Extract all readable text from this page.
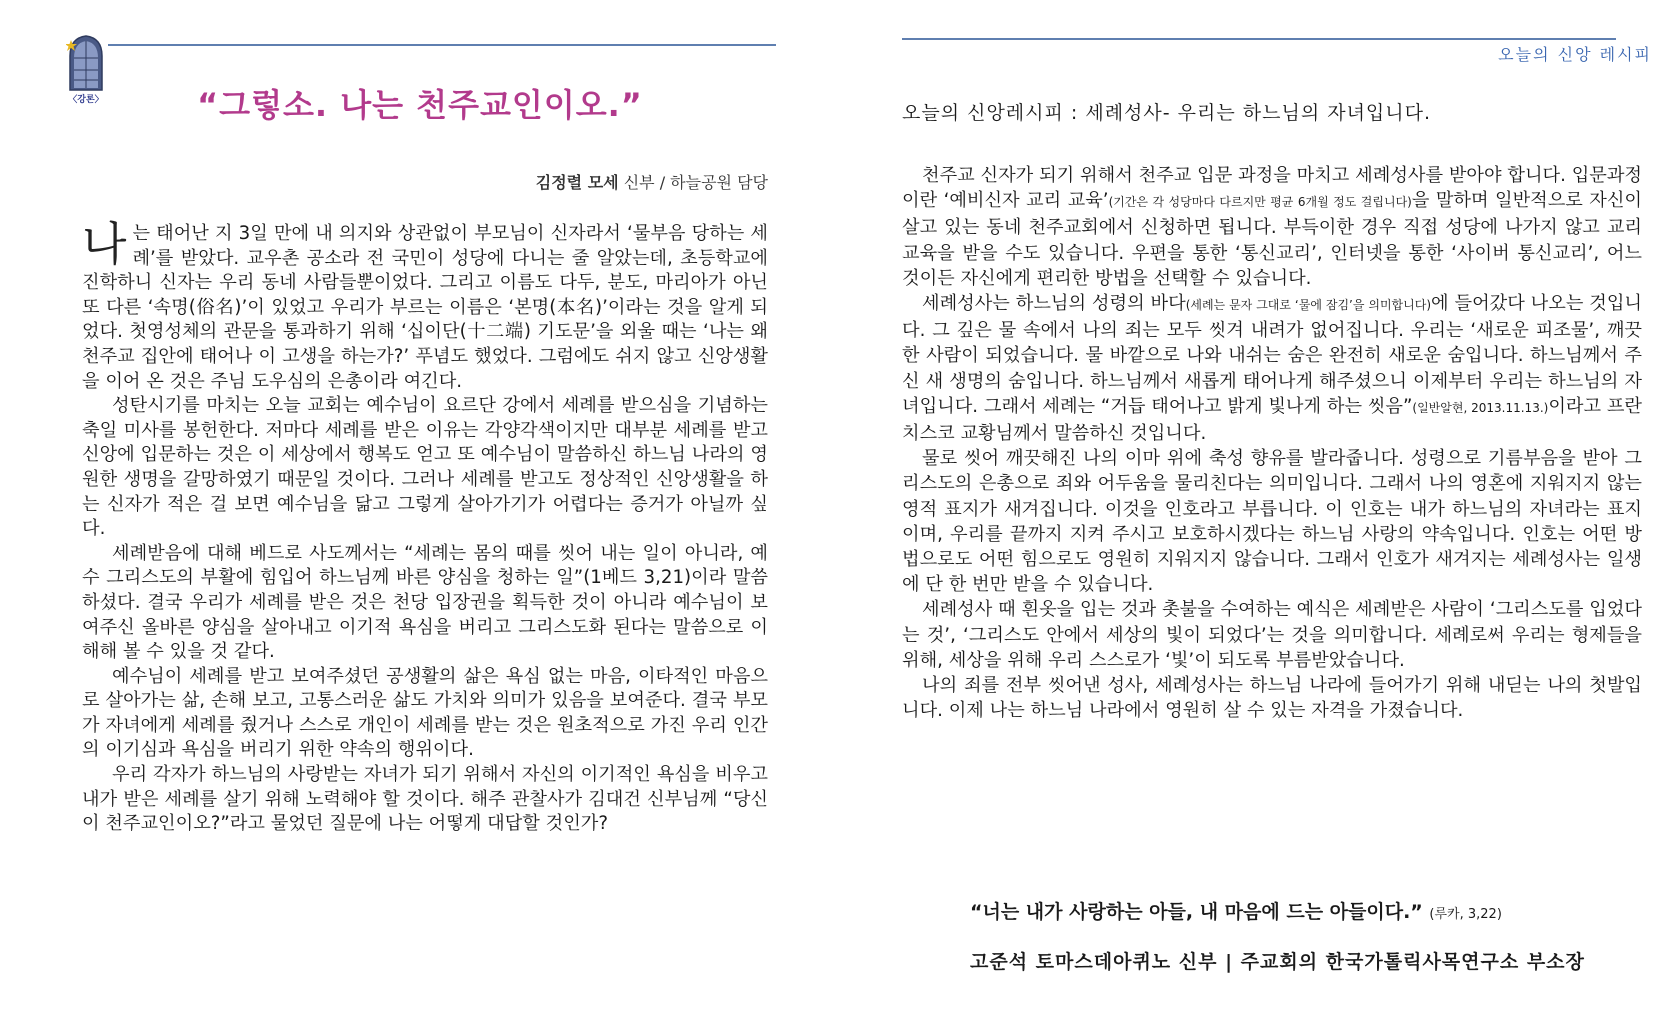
〈강론〉	“그렇소. 나는 천주교인이오.”
김정렬 모세 신부 / 하늘공원 담당

나는 태어난 지 3일 만에 내 의지와 상관없이 부모님이 신자라서 ‘물부음 당하는 세례’를 받았다. 교우촌 공소라 전 국민이 성당에 다니는 줄 알았는데, 초등학교에 진학하니 신자는 우리 동네 사람들뿐이었다. 그리고 이름도 다두, 분도, 마리아가 아닌 또 다른 ‘속명(俗名)’이 있었고 우리가 부르는 이름은 ‘본명(本名)’이라는 것을 알게 되었다. 첫영성체의 관문을 통과하기 위해 ‘십이단(十二端) 기도문’을 외울 때는 ‘나는 왜 천주교 집안에 태어나 이 고생을 하는가?’ 푸념도 했었다. 그럼에도 쉬지 않고 신앙생활을 이어 온 것은 주님 도우심의 은총이라 여긴다.

성탄시기를 마치는 오늘 교회는 예수님이 요르단 강에서 세례를 받으심을 기념하는 축일 미사를 봉헌한다. 저마다 세례를 받은 이유는 각양각색이지만 대부분 세례를 받고 신앙에 입문하는 것은 이 세상에서 행복도 얻고 또 예수님이 말씀하신 하느님 나라의 영원한 생명을 갈망하였기 때문일 것이다. 그러나 세례를 받고도 정상적인 신앙생활을 하는 신자가 적은 걸 보면 예수님을 닮고 그렇게 살아가기가 어렵다는 증거가 아닐까 싶다.

세례받음에 대해 베드로 사도께서는 “세례는 몸의 때를 씻어 내는 일이 아니라, 예수 그리스도의 부활에 힘입어 하느님께 바른 양심을 청하는 일”(1베드 3,21)이라 말씀하셨다. 결국 우리가 세례를 받은 것은 천당 입장권을 획득한 것이 아니라 예수님이 보여주신 올바른 양심을 살아내고 이기적 욕심을 버리고 그리스도화 된다는 말씀으로 이해해 볼 수 있을 것 같다.

예수님이 세례를 받고 보여주셨던 공생활의 삶은 욕심 없는 마음, 이타적인 마음으로 살아가는 삶, 손해 보고, 고통스러운 삶도 가치와 의미가 있음을 보여준다. 결국 부모가 자녀에게 세례를 줬거나 스스로 개인이 세례를 받는 것은 원초적으로 가진 우리 인간의 이기심과 욕심을 버리기 위한 약속의 행위이다.

우리 각자가 하느님의 사랑받는 자녀가 되기 위해서 자신의 이기적인 욕심을 비우고 내가 받은 세례를 살기 위해 노력해야 할 것이다. 해주 관찰사가 김대건 신부님께 “당신이 천주교인이오?”라고 물었던 질문에 나는 어떻게 대답할 것인가?

오늘의 신앙 레시피
오늘의 신앙레시피 : 세례성사- 우리는 하느님의 자녀입니다.

천주교 신자가 되기 위해서 천주교 입문 과정을 마치고 세례성사를 받아야 합니다. 입문과정이란 ‘예비신자 교리 교육’(기간은 각 성당마다 다르지만 평균 6개월 정도 걸립니다)을 말하며 일반적으로 자신이 살고 있는 동네 천주교회에서 신청하면 됩니다. 부득이한 경우 직접 성당에 나가지 않고 교리교육을 받을 수도 있습니다. 우편을 통한 ‘통신교리’, 인터넷을 통한 ‘사이버 통신교리’, 어느 것이든 자신에게 편리한 방법을 선택할 수 있습니다.

세례성사는 하느님의 성령의 바다(세례는 문자 그대로 ‘물에 잠김’을 의미합니다)에 들어갔다 나오는 것입니다. 그 깊은 물 속에서 나의 죄는 모두 씻겨 내려가 없어집니다. 우리는 ‘새로운 피조물’, 깨끗한 사람이 되었습니다. 물 바깥으로 나와 내쉬는 숨은 완전히 새로운 숨입니다. 하느님께서 주신 새 생명의 숨입니다. 하느님께서 새롭게 태어나게 해주셨으니 이제부터 우리는 하느님의 자녀입니다. 그래서 세례는 “거듭 태어나고 밝게 빛나게 하는 씻음”(일반알현, 2013.11.13.)이라고 프란치스코 교황님께서 말씀하신 것입니다.

물로 씻어 깨끗해진 나의 이마 위에 축성 향유를 발라줍니다. 성령으로 기름부음을 받아 그리스도의 은총으로 죄와 어두움을 물리친다는 의미입니다. 그래서 나의 영혼에 지워지지 않는 영적 표지가 새겨집니다. 이것을 인호라고 부릅니다. 이 인호는 내가 하느님의 자녀라는 표지이며, 우리를 끝까지 지켜 주시고 보호하시겠다는 하느님 사랑의 약속입니다. 인호는 어떤 방법으로도 어떤 힘으로도 영원히 지워지지 않습니다. 그래서 인호가 새겨지는 세례성사는 일생에 단 한 번만 받을 수 있습니다.

세례성사 때 흰옷을 입는 것과 촛불을 수여하는 예식은 세례받은 사람이 ‘그리스도를 입었다는 것’, ‘그리스도 안에서 세상의 빛이 되었다’는 것을 의미합니다. 세례로써 우리는 형제들을 위해, 세상을 위해 우리 스스로가 ‘빛’이 되도록 부름받았습니다.

나의 죄를 전부 씻어낸 성사, 세례성사는 하느님 나라에 들어가기 위해 내딛는 나의 첫발입니다. 이제 나는 하느님 나라에서 영원히 살 수 있는 자격을 가졌습니다.

“너는 내가 사랑하는 아들, 내 마음에 드는 아들이다.” (루카, 3,22)
고준석 토마스데아퀴노 신부 | 주교회의 한국가톨릭사목연구소 부소장
